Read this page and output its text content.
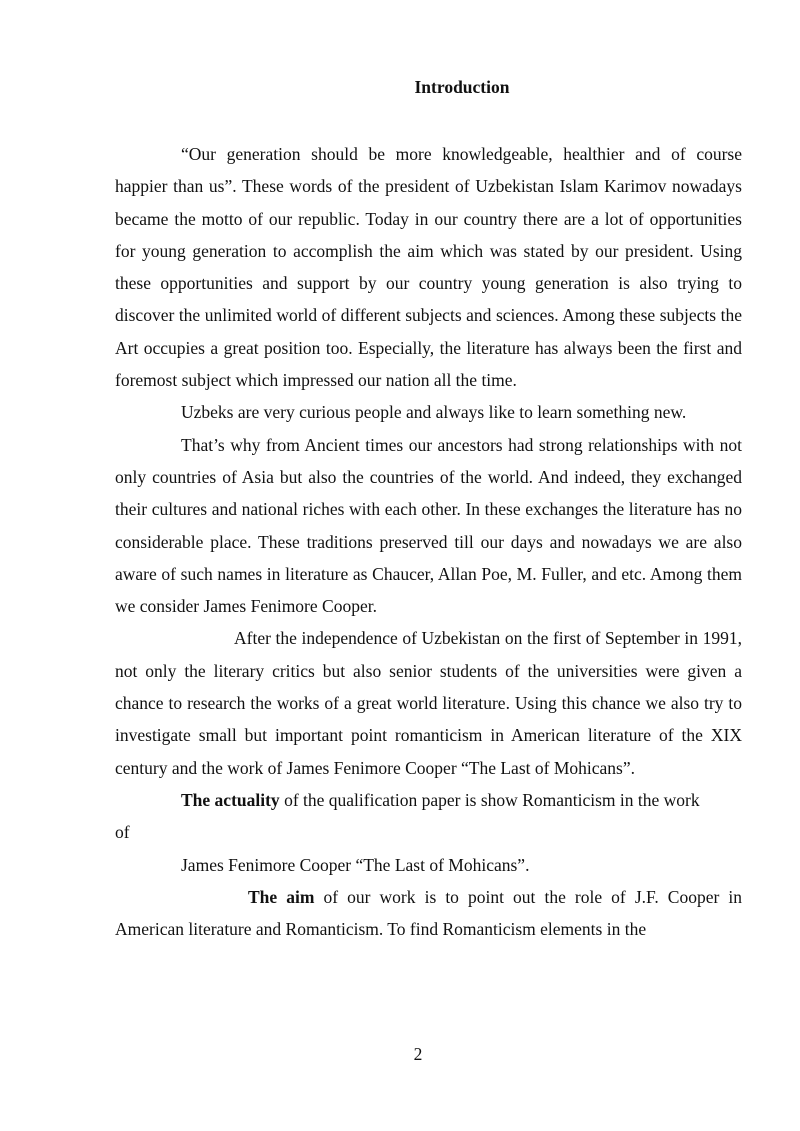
Introduction

“Our generation should be more knowledgeable, healthier and of course happier than us”. These words of the president of Uzbekistan Islam Karimov nowadays became the motto of our republic. Today in our country there are a lot of opportunities for young generation to accomplish the aim which was stated by our president. Using these opportunities and support by our country young generation is also trying to discover the unlimited world of different subjects and sciences. Among these subjects the Art occupies a great position too. Especially, the literature has always been the first and foremost subject which impressed our nation all the time.

Uzbeks are very curious people and always like to learn something new.

That’s why from Ancient times our ancestors had strong relationships with not only countries of Asia but also the countries of the world. And indeed, they exchanged their cultures and national riches with each other. In these exchanges the literature has no considerable place. These traditions preserved till our days and nowadays we are also aware of such names in literature as Chaucer, Allan Poe, M. Fuller, and etc. Among them we consider James Fenimore Cooper.

After the independence of Uzbekistan on the first of September in 1991, not only the literary critics but also senior students of the universities were given a chance to research the works of a great world literature. Using this chance we also try to investigate small but important point romanticism in American literature of the XIX century and the work of James Fenimore Cooper “The Last of Mohicans”.

The actuality of the qualification paper is show Romanticism in the work

of

James Fenimore Cooper “The Last of Mohicans”.

The aim of our work is to point out the role of J.F. Cooper in American literature and Romanticism. To find Romanticism elements in the

2
